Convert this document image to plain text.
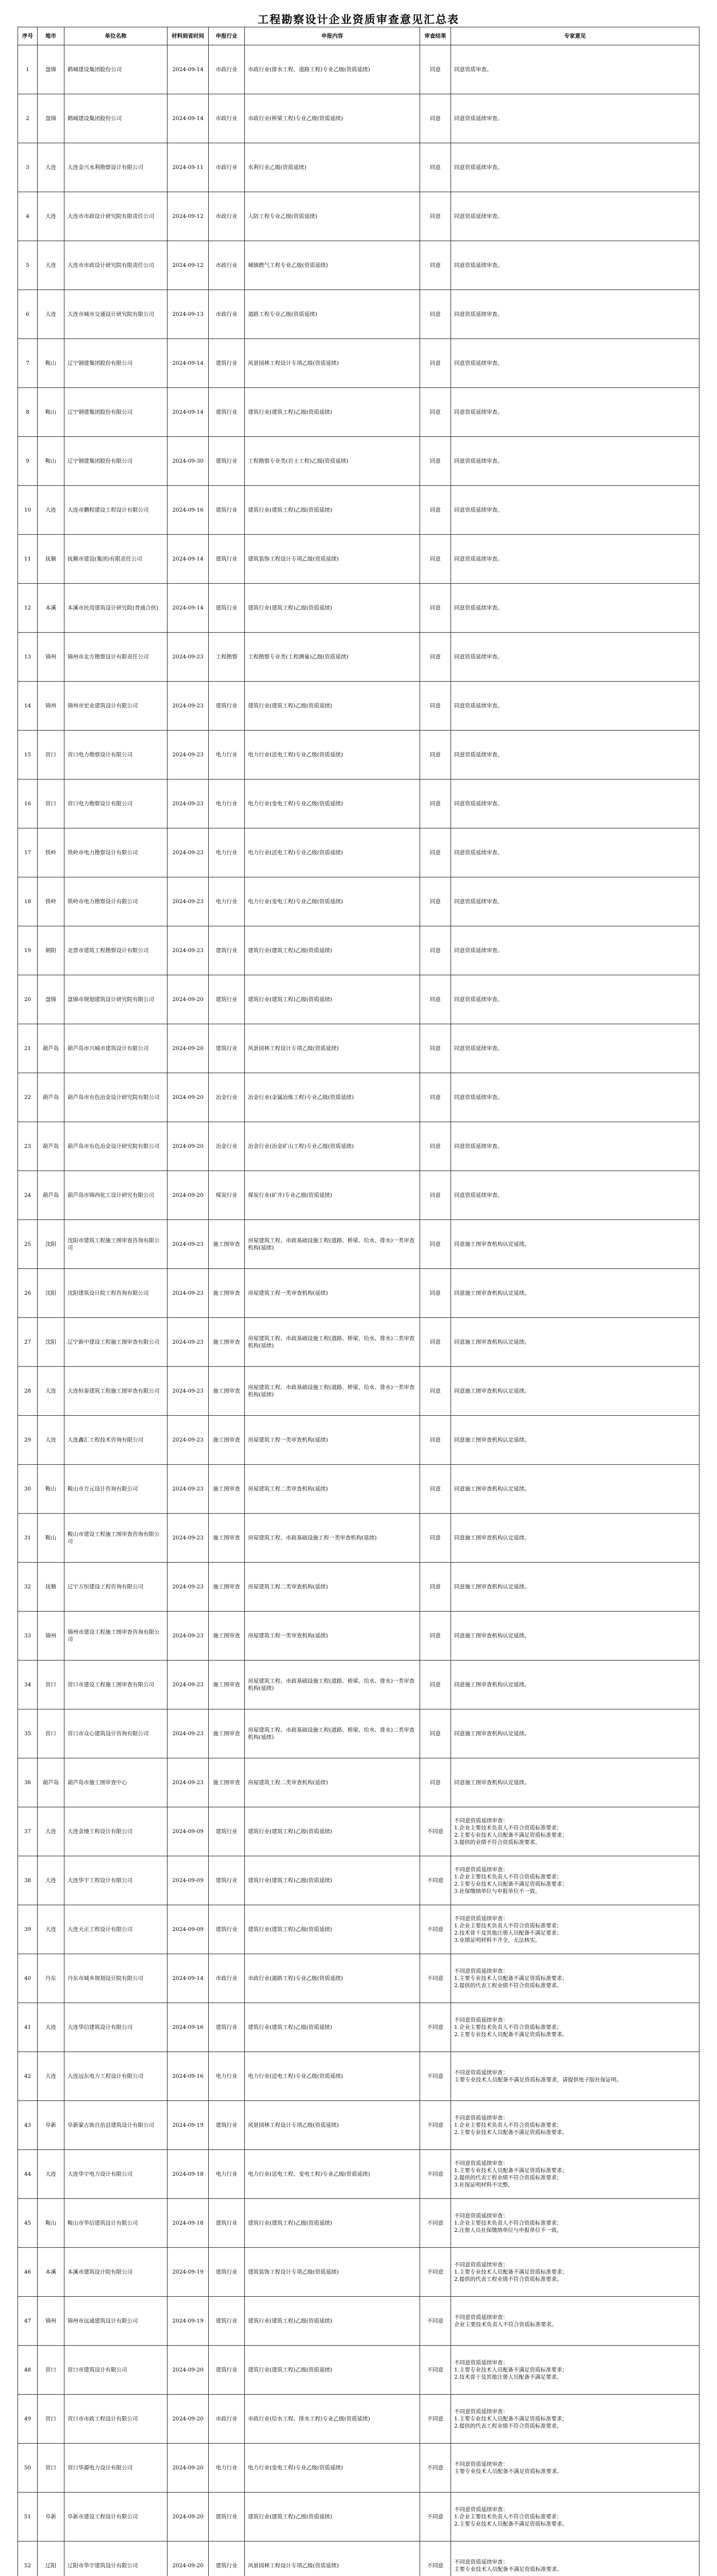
工程勘察设计企业资质审查意见汇总表
序号	地市	单位名称	材料到省时间	申报行业	申报内容	审查结果	专家意见
1	盘锦	鹤城建设集团股份公司	2024-09-14	市政行业	市政行业(排水工程、道路工程)专业乙级(资质延续)	同意	同意资质审查。
2	盘锦	鹤城建设集团股份公司	2024-09-14	市政行业	市政行业(桥梁工程)专业乙级(资质延续)	同意	同意资质延续审查。
3	大连	大连金兴水利勘察设计有限公司	2024-09-11	市政行业	水利行业乙级(资质延续)	同意	同意资质延续审查。
4	大连	大连市市政设计研究院有限责任公司	2024-09-12	市政行业	人防工程专业乙级(资质延续)	同意	同意资质延续审查。
5	大连	大连市市政设计研究院有限责任公司	2024-09-12	市政行业	城镇燃气工程专业乙级(资质延续)	同意	同意资质延续审查。
6	大连	大连市城市交通设计研究院有限公司	2024-09-13	市政行业	道路工程专业乙级(资质延续)	同意	同意资质延续审查。
7	鞍山	辽宁钢建集团股份有限公司	2024-09-14	建筑行业	风景园林工程设计专项乙级(资质延续)	同意	同意资质延续审查。
8	鞍山	辽宁钢建集团股份有限公司	2024-09-14	建筑行业	建筑行业(建筑工程)乙级(资质延续)	同意	同意资质延续审查。
9	鞍山	辽宁钢建集团股份有限公司	2024-09-30	建筑行业	工程勘察专业类(岩土工程)乙级(资质延续)	同意	同意资质延续审查。
10	大连	大连市鹏程建设工程设计有限公司	2024-09-16	建筑行业	建筑行业(建筑工程)乙级(资质延续)	同意	同意资质延续审查。
11	抚顺	抚顺市建设(集团)有限责任公司	2024-09-14	建筑行业	建筑装饰工程设计专项乙级(资质延续)	同意	同意资质延续审查。
12	本溪	本溪市民用建筑设计研究院(普通合伙)	2024-09-14	建筑行业	建筑行业(建筑工程)乙级(资质延续)	同意	同意资质延续审查。
13	锦州	锦州市北方勘察设计有限责任公司	2024-09-23	工程勘察	工程勘察专业类(工程测量)乙级(资质延续)	同意	同意资质延续审查。
14	锦州	锦州市宏业建筑设计有限公司	2024-09-23	建筑行业	建筑行业(建筑工程)乙级(资质延续)	同意	同意资质延续审查。
15	营口	营口电力勘察设计有限公司	2024-09-23	电力行业	电力行业(送电工程)专业乙级(资质延续)	同意	同意资质延续审查。
16	营口	营口电力勘察设计有限公司	2024-09-23	电力行业	电力行业(变电工程)专业乙级(资质延续)	同意	同意资质延续审查。
17	铁岭	铁岭市电力勘察设计有限公司	2024-09-23	电力行业	电力行业(送电工程)专业乙级(资质延续)	同意	同意资质延续审查。
18	铁岭	铁岭市电力勘察设计有限公司	2024-09-23	电力行业	电力行业(变电工程)专业乙级(资质延续)	同意	同意资质延续审查。
19	朝阳	北票市建筑工程勘察设计有限公司	2024-09-23	建筑行业	建筑行业(建筑工程)乙级(资质延续)	同意	同意资质延续审查。
20	盘锦	盘锦市规划建筑设计研究院有限公司	2024-09-20	建筑行业	建筑行业(建筑工程)乙级(资质延续)	同意	同意资质延续审查。
21	葫芦岛	葫芦岛市兴城市建筑设计有限公司	2024-09-20	建筑行业	风景园林工程设计专项乙级(资质延续)	同意	同意资质延续审查。
22	葫芦岛	葫芦岛市有色冶金设计研究院有限公司	2024-09-20	冶金行业	冶金行业(金属冶炼工程)专业乙级(资质延续)	同意	同意资质延续审查。
23	葫芦岛	葫芦岛市有色冶金设计研究院有限公司	2024-09-20	冶金行业	冶金行业(冶金矿山工程)专业乙级(资质延续)	同意	同意资质延续审查。
24	葫芦岛	葫芦岛市锦西化工设计研究有限公司	2024-09-20	煤炭行业	煤炭行业(矿井)专业乙级(资质延续)	同意	同意资质延续审查。
25	沈阳	沈阳市建筑工程施工图审查咨询有限公司	2024-09-23	施工图审查	房屋建筑工程、市政基础设施工程(道路、桥梁、给水、排水)一类审查机构(延续)	同意	同意施工图审查机构认定延续。
26	沈阳	沈阳建筑设计院工程咨询有限公司	2024-09-23	施工图审查	房屋建筑工程一类审查机构(延续)	同意	同意施工图审查机构认定延续。
27	沈阳	辽宁新中建设工程施工图审查有限公司	2024-09-23	施工图审查	房屋建筑工程、市政基础设施工程(道路、桥梁、给水、排水)二类审查机构(延续)	同意	同意施工图审查机构认定延续。
28	大连	大连恒泰建筑工程施工图审查有限公司	2024-09-23	施工图审查	房屋建筑工程、市政基础设施工程(道路、桥梁、给水、排水)一类审查机构(延续)	同意	同意施工图审查机构认定延续。
29	大连	大连鑫汇工程技术咨询有限公司	2024-09-23	施工图审查	房屋建筑工程一类审查机构(延续)	同意	同意施工图审查机构认定延续。
30	鞍山	鞍山市方元设计咨询有限公司	2024-09-23	施工图审查	房屋建筑工程二类审查机构(延续)	同意	同意施工图审查机构认定延续。
31	鞍山	鞍山市建设工程施工图审查咨询有限公司	2024-09-23	施工图审查	房屋建筑工程、市政基础设施工程一类审查机构(延续)	同意	同意施工图审查机构认定延续。
32	抚顺	辽宁万恒建设工程咨询有限公司	2024-09-23	施工图审查	房屋建筑工程二类审查机构(延续)	同意	同意施工图审查机构认定延续。
33	锦州	锦州市建设工程施工图审查咨询有限公司	2024-09-23	施工图审查	房屋建筑工程一类审查机构(延续)	同意	同意施工图审查机构认定延续。
34	营口	营口市建设工程施工图审查有限公司	2024-09-23	施工图审查	房屋建筑工程、市政基础设施工程(道路、桥梁、给水、排水)一类审查机构(延续)	同意	同意施工图审查机构认定延续。
35	营口	营口市众心建筑设计咨询有限公司	2024-09-23	施工图审查	房屋建筑工程、市政基础设施工程(道路、桥梁、给水、排水)二类审查机构(延续)	同意	同意施工图审查机构认定延续。
36	葫芦岛	葫芦岛市施工图审查中心	2024-09-23	施工图审查	房屋建筑工程二类审查机构(延续)	同意	同意施工图审查机构认定延续。
37	大连	大连金地工程设计有限公司	2024-09-09	建筑行业	建筑行业(建筑工程)乙级(资质延续)	不同意	不同意资质延续审查：
1.企业主要技术负责人不符合资质标准要求；
2.主要专业技术人员配备不满足资质标准要求；
3.提供的业绩不符合资质标准要求。
38	大连	大连华宇工程设计有限公司	2024-09-09	建筑行业	建筑行业(建筑工程)乙级(资质延续)	不同意	不同意资质延续审查：
1.企业主要技术负责人不符合资质标准要求；
2.主要专业技术人员配备不满足资质标准要求；
3.社保缴纳单位与申报单位不一致。
39	大连	大连天正工程设计有限公司	2024-09-09	建筑行业	建筑行业(建筑工程)乙级(资质延续)	不同意	不同意资质延续审查：
1.企业主要技术负责人不符合资质标准要求；
2.技术骨干及其他注册人员配备不满足要求；
3.业绩证明材料不齐全，无法核实。
40	丹东	丹东市城乡规划设计院有限公司	2024-09-14	市政行业	市政行业(道路工程)专业乙级(资质延续)	不同意	不同意资质延续审查：
1.主要专业技术人员配备不满足资质标准要求；
2.提供的代表工程业绩不符合资质标准要求。
41	大连	大连华信建筑设计有限公司	2024-09-16	建筑行业	建筑行业(建筑工程)乙级(资质延续)	不同意	不同意资质延续审查：
1.企业主要技术负责人不符合资质标准要求；
2.主要专业技术人员配备不满足资质标准要求。
42	大连	大连远东电力工程设计有限公司	2024-09-16	电力行业	电力行业(送电工程)专业乙级(资质延续)	不同意	不同意资质延续审查：
主要专业技术人员配备不满足资质标准要求，请提供电子版社保证明。
43	阜新	阜新蒙古族自治县建筑设计有限公司	2024-09-19	建筑行业	风景园林工程设计专项乙级(资质延续)	不同意	不同意资质延续审查：
1.企业主要技术负责人不符合资质标准要求；
2.主要专业技术人员配备不满足资质标准要求。
44	大连	大连华宇电力设计有限公司	2024-09-18	电力行业	电力行业(送电工程、变电工程)专业乙级(资质延续)	不同意	不同意资质延续审查：
1.主要专业技术人员配备不满足资质标准要求；
2.提供的代表工程业绩不符合资质标准要求；
3.社保证明材料不完整。
45	鞍山	鞍山市华信建筑设计有限公司	2024-09-18	建筑行业	建筑行业(建筑工程)乙级(资质延续)	不同意	不同意资质延续审查：
1.企业主要技术负责人不符合资质标准要求；
2.注册人员社保缴纳单位与申报单位不一致。
46	本溪	本溪市建筑设计院有限公司	2024-09-19	建筑行业	建筑装饰工程设计专项乙级(资质延续)	不同意	不同意资质延续审查：
1.主要专业技术人员配备不满足资质标准要求；
2.提供的代表工程业绩不符合资质标准要求。
47	锦州	锦州市远通建筑设计有限公司	2024-09-19	建筑行业	建筑行业(建筑工程)乙级(资质延续)	不同意	不同意资质延续审查：
企业主要技术负责人不符合资质标准要求。
48	营口	营口市建筑设计有限公司	2024-09-20	建筑行业	建筑行业(建筑工程)乙级(资质延续)	不同意	不同意资质延续审查：
1.主要专业技术人员配备不满足资质标准要求；
2.技术骨干及其他注册人员配备不满足要求。
49	营口	营口市市政工程设计有限公司	2024-09-20	市政行业	市政行业(给水工程、排水工程)专业乙级(资质延续)	不同意	不同意资质延续审查：
1.主要专业技术人员配备不满足资质标准要求；
2.提供的代表工程业绩不符合资质标准要求。
50	营口	营口华源电力设计有限公司	2024-09-20	电力行业	电力行业(变电工程)专业乙级(资质延续)	不同意	不同意资质延续审查：
主要专业技术人员配备不满足资质标准要求。
51	阜新	阜新市建设工程设计有限公司	2024-09-20	建筑行业	建筑行业(建筑工程)乙级(资质延续)	不同意	不同意资质延续审查：
1.企业主要技术负责人不符合资质标准要求；
2.主要专业技术人员配备不满足资质标准要求。
52	辽阳	辽阳市华宇建筑设计有限公司	2024-09-20	建筑行业	风景园林工程设计专项乙级(资质延续)	不同意	不同意资质延续审查：
主要专业技术人员配备不满足资质标准要求。
